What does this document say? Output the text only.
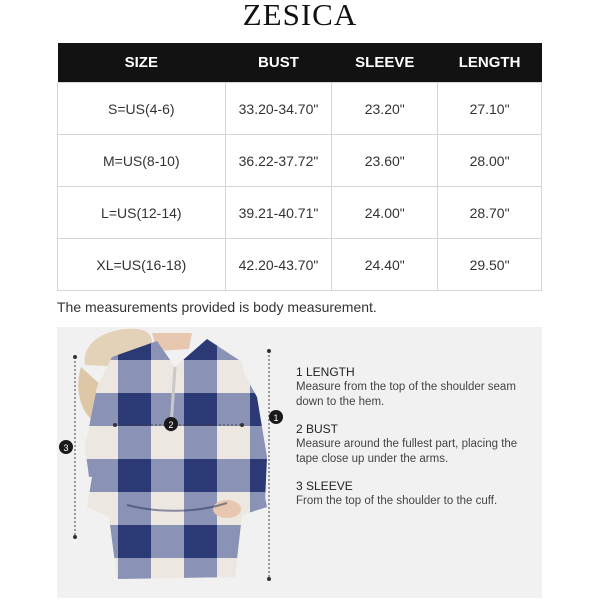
ZESICA
SIZE	BUST	SLEEVE	LENGTH
S=US(4-6)	33.20-34.70"	23.20"	27.10"
M=US(8-10)	36.22-37.72"	23.60"	28.00"
L=US(12-14)	39.21-40.71"	24.00"	28.70"
XL=US(16-18)	42.20-43.70"	24.40"	29.50"
The measurements provided is body measurement.
3
2
1
1 LENGTH
Measure from the top of the shoulder seam down to the hem.
2 BUST
Measure around the fullest part, placing the tape close up under the arms.
3 SLEEVE
From the top of the shoulder to the cuff.
